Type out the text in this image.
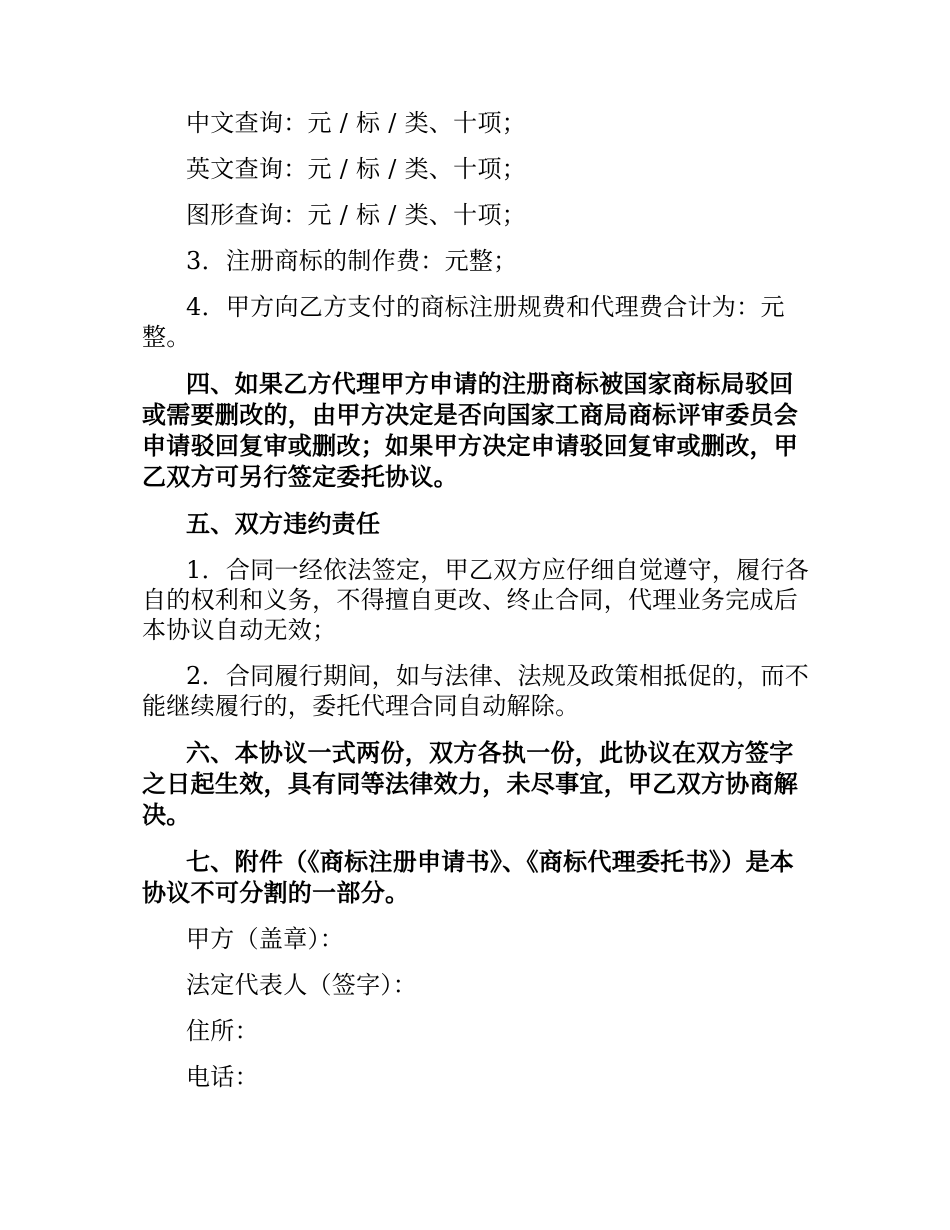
中文查询：元 / 标 / 类、十项；

英文查询：元 / 标 / 类、十项；

图形查询：元 / 标 / 类、十项；

3．注册商标的制作费：元整；

4．甲方向乙方支付的商标注册规费和代理费合计为：元整。

四、如果乙方代理甲方申请的注册商标被国家商标局驳回或需要删改的，由甲方决定是否向国家工商局商标评审委员会申请驳回复审或删改；如果甲方决定申请驳回复审或删改，甲乙双方可另行签定委托协议。

五、双方违约责任

1．合同一经依法签定，甲乙双方应仔细自觉遵守，履行各自的权利和义务，不得擅自更改、终止合同，代理业务完成后本协议自动无效；

2．合同履行期间，如与法律、法规及政策相抵促的，而不能继续履行的，委托代理合同自动解除。

六、本协议一式两份，双方各执一份，此协议在双方签字之日起生效，具有同等法律效力，未尽事宜，甲乙双方协商解决。

七、附件（《商标注册申请书》、《商标代理委托书》）是本协议不可分割的一部分。

甲方（盖章）：

法定代表人（签字）：

住所：

电话：
